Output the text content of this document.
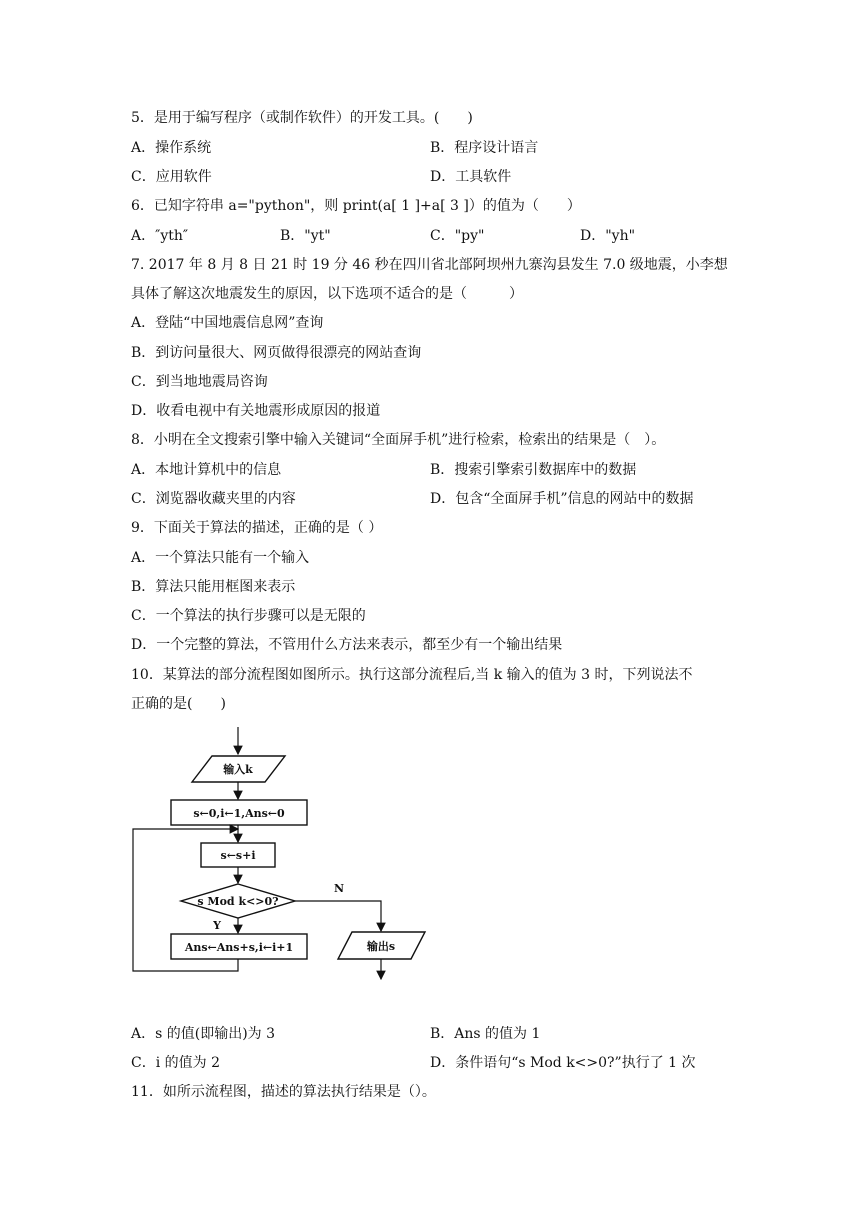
5．是用于编写程序（或制作软件）的开发工具。(　　)
A．操作系统	B．程序设计语言
C．应用软件	D．工具软件
6．已知字符串 a="python"，则 print(a[ 1 ]+a[ 3 ]）的值为（　　）
A．″yth″	B．"yt"	C．"py"	D．"yh"
7. 2017 年 8 月 8 日 21 时 19 分 46 秒在四川省北部阿坝州九寨沟县发生 7.0 级地震，小李想
具体了解这次地震发生的原因，以下选项不适合的是（　　　）
A．登陆“中国地震信息网”查询
B．到访问量很大、网页做得很漂亮的网站查询
C．到当地地震局咨询
D．收看电视中有关地震形成原因的报道
8．小明在全文搜索引擎中输入关键词“全面屏手机”进行检索，检索出的结果是（　）。
A．本地计算机中的信息	B．搜索引擎索引数据库中的数据
C．浏览器收藏夹里的内容	D．包含“全面屏手机”信息的网站中的数据
9．下面关于算法的描述，正确的是（ ）
A．一个算法只能有一个输入
B．算法只能用框图来表示
C．一个算法的执行步骤可以是无限的
D．一个完整的算法，不管用什么方法来表示，都至少有一个输出结果
10．某算法的部分流程图如图所示。执行这部分流程后,当 k 输入的值为 3 时，下列说法不
正确的是(　　)
输入k
s←0,i←1,Ans←0
s←s+i
s Mod k<>0?
N
Y
Ans←Ans+s,i←i+1	输出s
A．s 的值(即输出)为 3	B．Ans 的值为 1
C．i 的值为 2	D．条件语句“s Mod k<>0?”执行了 1 次
11．如所示流程图，描述的算法执行结果是（）。
